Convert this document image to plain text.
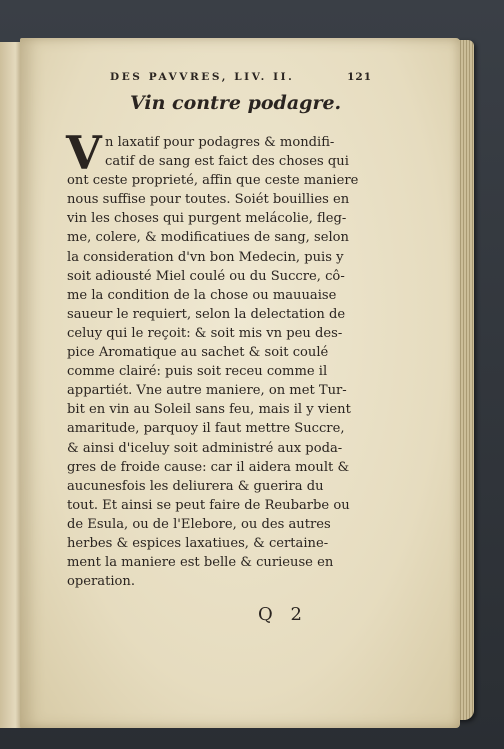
DES PAVVRES, LIV. II.	121
Vin contre podagre.
V n laxatif pour podagres & mondifi-
catif de sang est faict des choses qui
ont ceste proprieté, affin que ceste maniere
nous suffise pour toutes. Soiét bouillies en
vin les choses qui purgent melácolie, fleg-
me, colere, & modificatiues de sang, selon
la consideration d'vn bon Medecin, puis y
soit adiousté Miel coulé ou du Succre, cô-
me la condition de la chose ou mauuaise
saueur le requiert, selon la delectation de
celuy qui le reçoit: & soit mis vn peu des-
pice Aromatique au sachet & soit coulé
comme clairé: puis soit receu comme il
appartiét. Vne autre maniere, on met Tur-
bit en vin au Soleil sans feu, mais il y vient
amaritude, parquoy il faut mettre Succre,
& ainsi d'iceluy soit administré aux poda-
gres de froide cause: car il aidera moult &
aucunesfois les deliurera & guerira du
tout. Et ainsi se peut faire de Reubarbe ou
de Esula, ou de l'Elebore, ou des autres
herbes & espices laxatiues, & certaine-
ment la maniere est belle & curieuse en
operation.
Q 2
